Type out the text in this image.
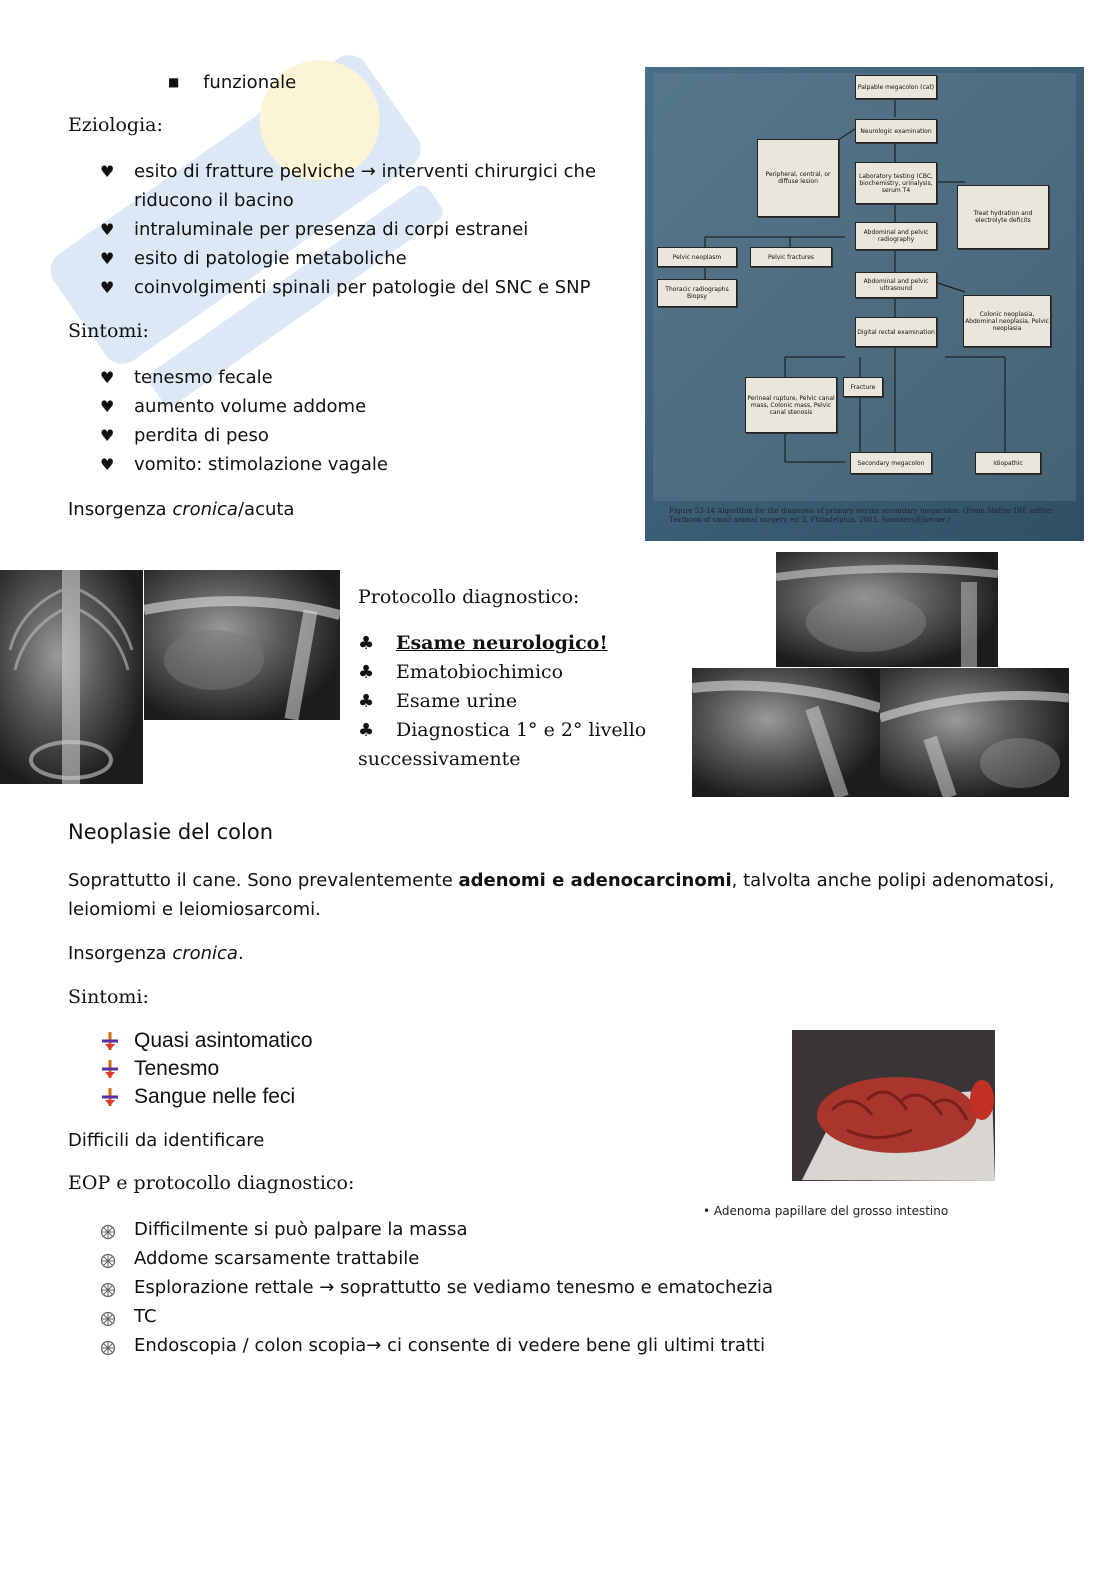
■ funzionale
Eziologia:
♥ esito di fratture pelviche → interventi chirurgici che
riducono il bacino
♥ intraluminale per presenza di corpi estranei
♥ esito di patologie metaboliche
♥ coinvolgimenti spinali per patologie del SNC e SNP
Sintomi:
♥ tenesmo fecale
♥ aumento volume addome
♥ perdita di peso
♥ vomito: stimolazione vagale
Insorgenza cronica/acuta
Palpable megacolon (cat)
Neurologic examination
Peripheral, central, or diffuse lesion
Laboratory testing (CBC, biochemistry, urinalysis, serum T4
Treat hydration and electrolyte deficits
Abdominal and pelvic radiography
Pelvic neoplasm	Pelvic fractures
Thoracic radiographs Biopsy
Abdominal and pelvic ultrasound
Colonic neoplasia, Abdominal neoplasia, Pelvic neoplasia
Digital rectal examination
Perineal rupture, Pelvic canal mass, Colonic mass, Pelvic canal stenosis
Fracture
Secondary megacolon	Idiopathic
Figure 53-14 Algorithm for the diagnosis of primary versus secondary megacolon. (From Slatter DH, editor: Textbook of small animal surgery, ed 3, Philadelphia, 2003, Saunders/Elsevier.)
Protocollo diagnostico:
♣ Esame neurologico!
♣ Ematobiochimico
♣ Esame urine
♣ Diagnostica 1° e 2° livello
successivamente
Neoplasie del colon
Soprattutto il cane. Sono prevalentemente adenomi e adenocarcinomi, talvolta anche polipi adenomatosi,
leiomiomi e leiomiosarcomi.
Insorgenza cronica.
Sintomi:
Quasi asintomatico
Tenesmo
Sangue nelle feci
Difficili da identificare
EOP e protocollo diagnostico:
Difficilmente si può palpare la massa
Addome scarsamente trattabile
Esplorazione rettale → soprattutto se vediamo tenesmo e ematochezia
TC
Endoscopia / colon scopia→ ci consente di vedere bene gli ultimi tratti
• Adenoma papillare del grosso intestino
